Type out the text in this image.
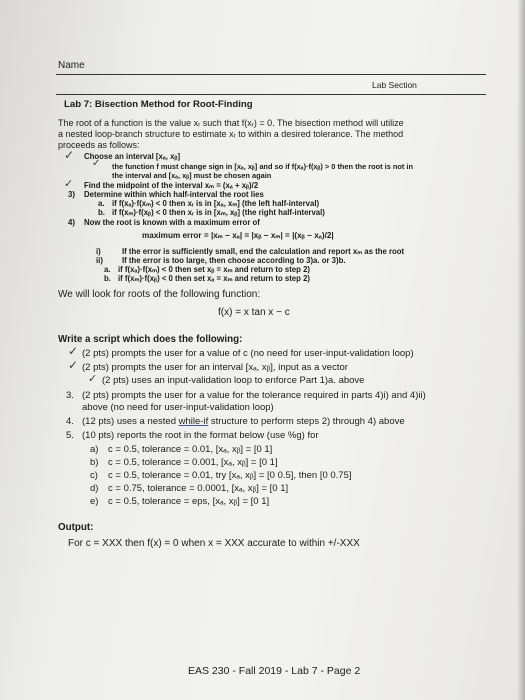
Name
Lab Section
Lab 7: Bisection Method for Root-Finding
The root of a function is the value xᵣ such that f(xᵣ) = 0. The bisection method will utilize
a nested loop-branch structure to estimate xᵣ to within a desired tolerance. The method
proceeds as follows:
✓ Choose an interval [xₐ, xᵦ]
✓ the function f must change sign in [xₐ, xᵦ] and so if f(xₐ)·f(xᵦ) > 0 then the root is not in
the interval and [xₐ, xᵦ] must be chosen again
✓ Find the midpoint of the interval xₘ = (xₐ + xᵦ)/2
3) Determine within which half-interval the root lies
a. if f(xₐ)·f(xₘ) < 0 then xᵣ is in [xₐ, xₘ] (the left half-interval)
b. if f(xₘ)·f(xᵦ) < 0 then xᵣ is in [xₘ, xᵦ] (the right half-interval)
4) Now the root is known with a maximum error of
maximum error = |xₘ − xₐ| = |xᵦ − xₘ| = |(xᵦ − xₐ)/2|
i)	If the error is sufficiently small, end the calculation and report xₘ as the root
ii) If the error is too large, then choose according to 3)a. or 3)b.
a. if f(xₐ)·f(xₘ) < 0 then set xᵦ = xₘ and return to step 2)
b. if f(xₘ)·f(xᵦ) < 0 then set xₐ = xₘ and return to step 2)
We will look for roots of the following function:
f(x) = x tan x − c
Write a script which does the following:
✓ (2 pts) prompts the user for a value of c (no need for user-input-validation loop)
✓ (2 pts) prompts the user for an interval [xₐ, xᵦ], input as a vector
✓ (2 pts) uses an input-validation loop to enforce Part 1)a. above
3. (2 pts) prompts the user for a value for the tolerance required in parts 4)i) and 4)ii)
above (no need for user-input-validation loop)
4. (12 pts) uses a nested while-if structure to perform steps 2) through 4) above
5. (10 pts) reports the root in the format below (use %g) for
a) c = 0.5, tolerance = 0.01, [xₐ, xᵦ] = [0 1]
b) c = 0.5, tolerance = 0.001, [xₐ, xᵦ] = [0 1]
c) c = 0.5, tolerance = 0.01, try [xₐ, xᵦ] = [0 0.5], then [0 0.75]
d) c = 0.75, tolerance = 0.0001, [xₐ, xᵦ] = [0 1]
e) c = 0.5, tolerance = eps, [xₐ, xᵦ] = [0 1]
Output:
For c = XXX then f(x) = 0 when x = XXX accurate to within +/-XXX
EAS 230 - Fall 2019 - Lab 7 - Page 2
